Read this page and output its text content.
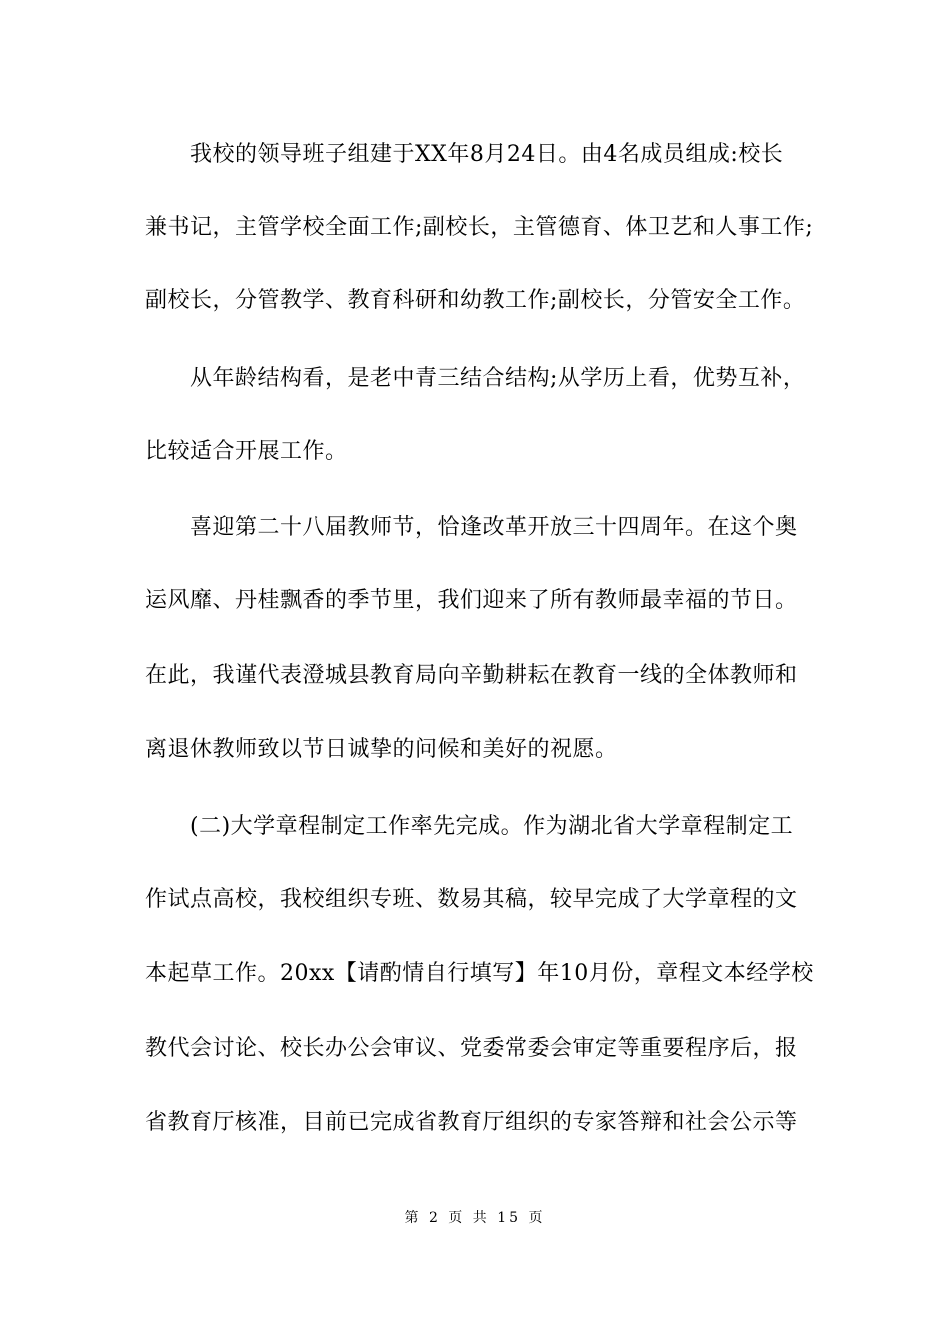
我校的领导班子组建于XX年8月24日。由4名成员组成:校长
兼书记，主管学校全面工作;副校长，主管德育、体卫艺和人事工作;
副校长，分管教学、教育科研和幼教工作;副校长，分管安全工作。
从年龄结构看，是老中青三结合结构;从学历上看，优势互补，
比较适合开展工作。
喜迎第二十八届教师节，恰逢改革开放三十四周年。在这个奥
运风靡、丹桂飘香的季节里，我们迎来了所有教师最幸福的节日。
在此，我谨代表澄城县教育局向辛勤耕耘在教育一线的全体教师和
离退休教师致以节日诚挚的问候和美好的祝愿。
(二)大学章程制定工作率先完成。作为湖北省大学章程制定工
作试点高校，我校组织专班、数易其稿，较早完成了大学章程的文
本起草工作。20xx【请酌情自行填写】年10月份，章程文本经学校
教代会讨论、校长办公会审议、党委常委会审定等重要程序后，报
省教育厅核准，目前已完成省教育厅组织的专家答辩和社会公示等
第 2 页 共 15 页
